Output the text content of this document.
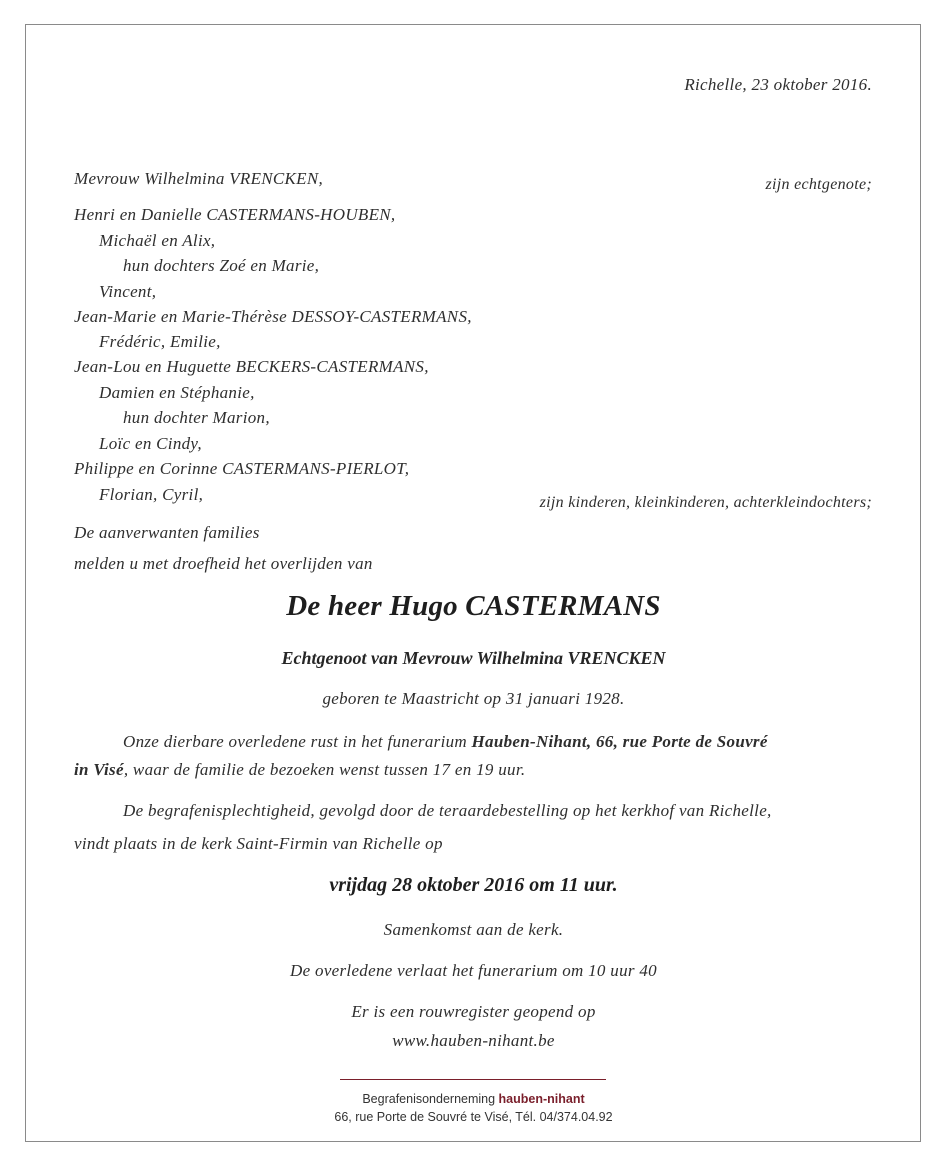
Richelle, 23 oktober 2016.
Mevrouw Wilhelmina VRENCKEN,	zijn echtgenote;
Henri en Danielle CASTERMANS-HOUBEN,
Michaël en Alix,
hun dochters Zoé en Marie,
Vincent,
Jean-Marie en Marie-Thérèse DESSOY-CASTERMANS,
Frédéric, Emilie,
Jean-Lou en Huguette BECKERS-CASTERMANS,
Damien en Stéphanie,
hun dochter Marion,
Loïc en Cindy,
Philippe en Corinne CASTERMANS-PIERLOT,
Florian, Cyril,	zijn kinderen, kleinkinderen, achterkleindochters;
De aanverwanten families
melden u met droefheid het overlijden van
De heer Hugo CASTERMANS
Echtgenoot van Mevrouw Wilhelmina VRENCKEN
geboren te Maastricht op 31 januari 1928.
Onze dierbare overledene rust in het funerarium Hauben-Nihant, 66, rue Porte de Souvré
in Visé, waar de familie de bezoeken wenst tussen 17 en 19 uur.
De begrafenisplechtigheid, gevolgd door de teraardebestelling op het kerkhof van Richelle,
vindt plaats in de kerk Saint-Firmin van Richelle op
vrijdag 28 oktober 2016 om 11 uur.
Samenkomst aan de kerk.
De overledene verlaat het funerarium om 10 uur 40
Er is een rouwregister geopend op
www.hauben-nihant.be
Begrafenisonderneming hauben-nihant
66, rue Porte de Souvré te Visé, Tél. 04/374.04.92
